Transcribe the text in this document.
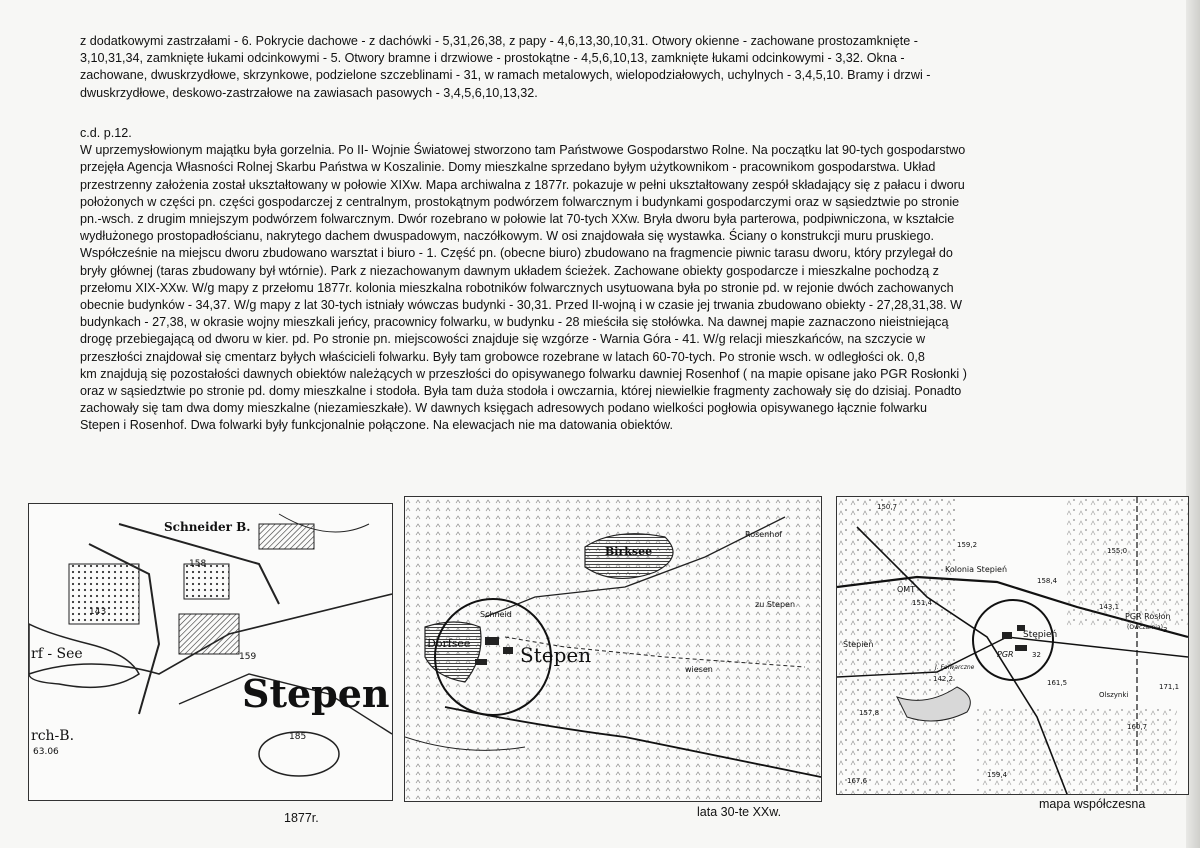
z dodatkowymi zastrzałami - 6. Pokrycie dachowe - z dachówki - 5,31,26,38, z papy - 4,6,13,30,10,31. Otwory okienne - zachowane prostozamknięte -
3,10,31,34, zamknięte łukami odcinkowymi - 5. Otwory bramne i drzwiowe - prostokątne - 4,5,6,10,13, zamknięte łukami odcinkowymi - 3,32. Okna -
zachowane, dwuskrzydłowe, skrzynkowe, podzielone szczeblinami - 31, w ramach metalowych, wielopodziałowych, uchylnych - 3,4,5,10. Bramy i drzwi -
dwuskrzydłowe, deskowo-zastrzałowe na zawiasach pasowych - 3,4,5,6,10,13,32.
c.d. p.12.
W uprzemysłowionym majątku była gorzelnia. Po II- Wojnie Światowej stworzono tam Państwowe Gospodarstwo Rolne. Na początku lat 90-tych gospodarstwo
przejęła Agencja Własności Rolnej Skarbu Państwa w Koszalinie. Domy mieszkalne sprzedano byłym użytkownikom - pracownikom gospodarstwa. Układ
przestrzenny założenia został ukształtowany w połowie XIXw. Mapa archiwalna z 1877r. pokazuje w pełni ukształtowany zespół składający się z pałacu i dworu
położonych w części pn. części gospodarczej z centralnym, prostokątnym podwórzem folwarcznym i budynkami gospodarczymi oraz w sąsiedztwie po stronie
pn.-wsch. z drugim mniejszym podwórzem folwarcznym. Dwór rozebrano w połowie lat 70-tych XXw. Bryła dworu była parterowa, podpiwniczona, w kształcie
wydłużonego prostopadłościanu, nakrytego dachem dwuspadowym, naczółkowym. W osi znajdowała się wystawka. Ściany o konstrukcji muru pruskiego.
Współcześnie na miejscu dworu zbudowano warsztat i biuro - 1. Część pn. (obecne biuro) zbudowano na fragmencie piwnic tarasu dworu, który przylegał do
bryły głównej (taras zbudowany był wtórnie). Park z niezachowanym dawnym układem ścieżek. Zachowane obiekty gospodarcze i mieszkalne pochodzą z
przełomu XIX-XXw. W/g mapy z przełomu 1877r. kolonia mieszkalna robotników folwarcznych usytuowana była po stronie pd. w rejonie dwóch zachowanych
obecnie budynków - 34,37. W/g mapy z lat 30-tych istniały wówczas budynki - 30,31. Przed II-wojną i w czasie jej trwania zbudowano obiekty - 27,28,31,38. W
budynkach - 27,38, w okrasie wojny mieszkali jeńcy, pracownicy folwarku, w budynku - 28 mieściła się stołówka. Na dawnej mapie zaznaczono nieistniejącą
drogę przebiegającą od dworu w kier. pd. Po stronie pn. miejscowości znajduje się wzgórze - Warnia Góra - 41. W/g relacji mieszkańców, na szczycie w
przeszłości znajdował się cmentarz byłych właścicieli folwarku. Były tam grobowce rozebrane w latach 60-70-tych. Po stronie wsch. w odległości ok. 0,8
km znajdują się pozostałości dawnych obiektów należących w przeszłości do opisywanego folwarku dawniej Rosenhof ( na mapie opisane jako PGR Rosłonki )
oraz w sąsiedztwie po stronie pd. domy mieszkalne i stodoła. Była tam duża stodoła i owczarnia, której niewielkie fragmenty zachowały się do dzisiaj. Ponadto
zachowały się tam dwa domy mieszkalne (niezamieszkałe). W dawnych księgach adresowych podano wielkości pogłowia opisywanego łącznie folwarku
Stepen i Rosenhof. Dwa folwarki były funkcjonalnie połączone. Na elewacjach nie ma datowania obiektów.
Stepen
rf - See
rch-B.
Schneider B.
143
159
185
158
63.06
Stepen
Dorfsee
Birksee
Schneid
Rosenhof
wiesen
zu Stepen
Kolonia Stepień
Stępień
Stepień
PGR
PGR Rosłon
(Owczarnia)
Olszynki
J. Folwarczne
OMT
150,7
159,2
155,0
158,4
151,4	143,1
142,2	161,5	171,1
157,8
160,7
159,4
167,6
32
3
1877r.	lata 30-te XXw.
mapa współczesna
